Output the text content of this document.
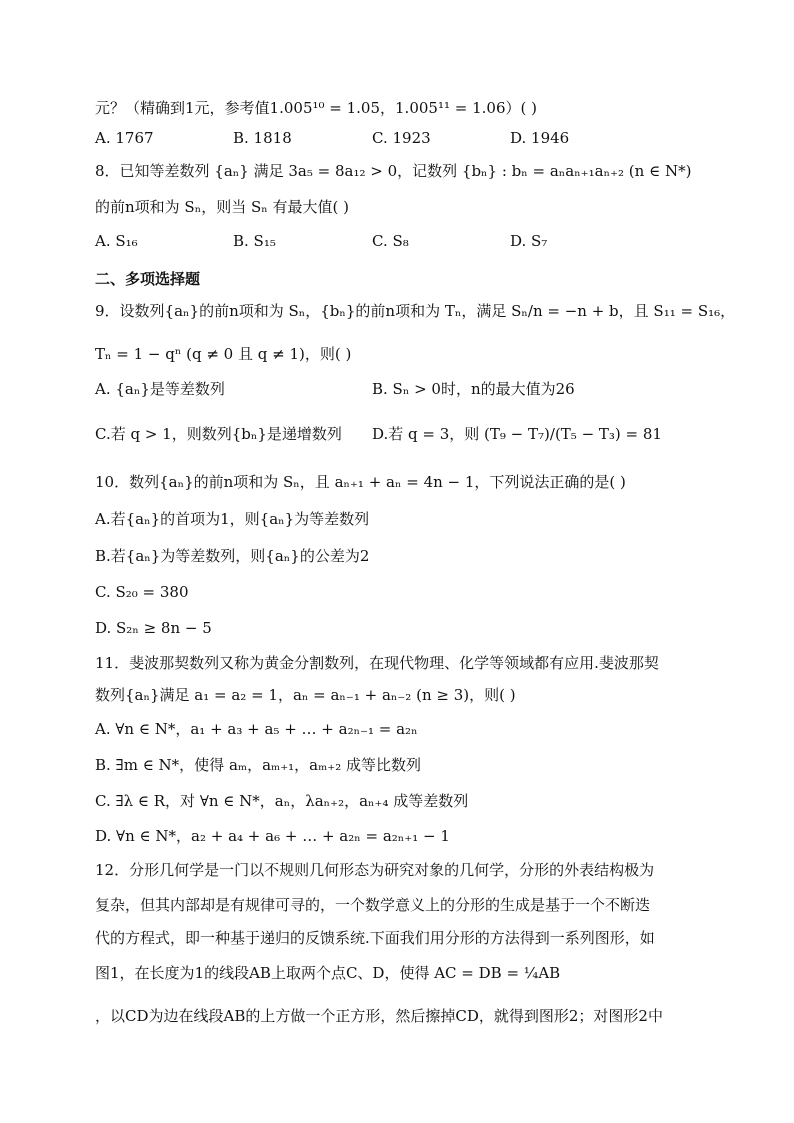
元？（精确到1元，参考值1.005¹⁰ = 1.05，1.005¹¹ = 1.06）( )
A. 1767	B. 1818	C. 1923	D. 1946
8．已知等差数列 {aₙ} 满足 3a₅ = 8a₁₂ > 0，记数列 {bₙ} : bₙ = aₙaₙ₊₁aₙ₊₂ (n ∈ N*)
的前n项和为 Sₙ，则当 Sₙ 有最大值( )
A. S₁₆	B. S₁₅	C. S₈	D. S₇
二、多项选择题
9．设数列{aₙ}的前n项和为 Sₙ，{bₙ}的前n项和为 Tₙ，满足 Sₙ/n = −n + b，且 S₁₁ = S₁₆，
Tₙ = 1 − qⁿ (q ≠ 0 且 q ≠ 1)，则( )
A. {aₙ}是等差数列	B. Sₙ > 0时，n的最大值为26
C.若 q > 1，则数列{bₙ}是递增数列 D.若 q = 3，则 (T₉ − T₇)/(T₅ − T₃) = 81
10．数列{aₙ}的前n项和为 Sₙ，且 aₙ₊₁ + aₙ = 4n − 1，下列说法正确的是( )
A.若{aₙ}的首项为1，则{aₙ}为等差数列
B.若{aₙ}为等差数列，则{aₙ}的公差为2
C. S₂₀ = 380
D. S₂ₙ ≥ 8n − 5
11．斐波那契数列又称为黄金分割数列，在现代物理、化学等领域都有应用.斐波那契
数列{aₙ}满足 a₁ = a₂ = 1，aₙ = aₙ₋₁ + aₙ₋₂ (n ≥ 3)，则( )
A. ∀n ∈ N*，a₁ + a₃ + a₅ + … + a₂ₙ₋₁ = a₂ₙ
B. ∃m ∈ N*，使得 aₘ，aₘ₊₁，aₘ₊₂ 成等比数列
C. ∃λ ∈ R，对 ∀n ∈ N*，aₙ，λaₙ₊₂，aₙ₊₄ 成等差数列
D. ∀n ∈ N*，a₂ + a₄ + a₆ + … + a₂ₙ = a₂ₙ₊₁ − 1
12．分形几何学是一门以不规则几何形态为研究对象的几何学，分形的外表结构极为
复杂，但其内部却是有规律可寻的，一个数学意义上的分形的生成是基于一个不断迭
代的方程式，即一种基于递归的反馈系统.下面我们用分形的方法得到一系列图形，如
图1，在长度为1的线段AB上取两个点C、D，使得 AC = DB = ¼AB
，以CD为边在线段AB的上方做一个正方形，然后擦掉CD，就得到图形2；对图形2中
